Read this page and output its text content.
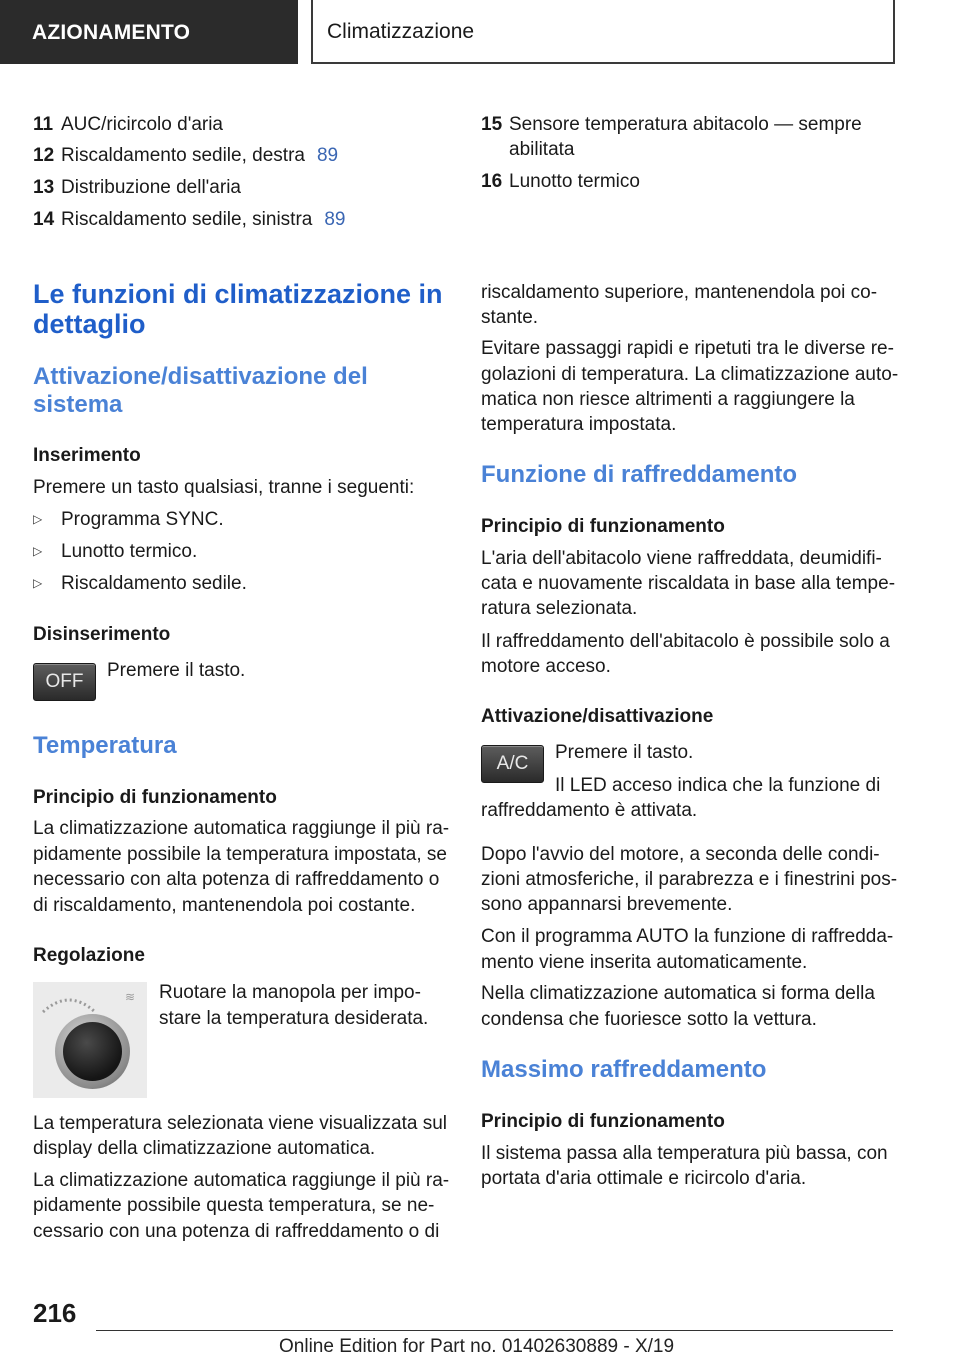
AZIONAMENTO	Climatizzazione
11 AUC/ricircolo d'aria
12 Riscaldamento sedile, destra 89
13 Distribuzione dell'aria
14 Riscaldamento sedile, sinistra 89
15 Sensore temperatura abitacolo — sempre
abilitata
16 Lunotto termico
Le funzioni di climatizzazione in
dettaglio
Attivazione/disattivazione del
sistema
Inserimento
Premere un tasto qualsiasi, tranne i seguenti:
▷ Programma SYNC.
▷ Lunotto termico.
▷ Riscaldamento sedile.
Disinserimento
OFF
Premere il tasto.
Temperatura
Principio di funzionamento
La climatizzazione automatica raggiunge il più ra-
pidamente possibile la temperatura impostata, se
necessario con alta potenza di raffreddamento o
di riscaldamento, mantenendola poi costante.
Regolazione
≋ Ruotare la manopola per impo-
stare la temperatura desiderata.
La temperatura selezionata viene visualizzata sul
display della climatizzazione automatica.
La climatizzazione automatica raggiunge il più ra-
pidamente possibile questa temperatura, se ne-
cessario con una potenza di raffreddamento o di
riscaldamento superiore, mantenendola poi co-
stante.
Evitare passaggi rapidi e ripetuti tra le diverse re-
golazioni di temperatura. La climatizzazione auto-
matica non riesce altrimenti a raggiungere la
temperatura impostata.
Funzione di raffreddamento
Principio di funzionamento
L'aria dell'abitacolo viene raffreddata, deumidifi-
cata e nuovamente riscaldata in base alla tempe-
ratura selezionata.
Il raffreddamento dell'abitacolo è possibile solo a
motore acceso.
Attivazione/disattivazione
A/C
Premere il tasto.
Il LED acceso indica che la funzione di
raffreddamento è attivata.
Dopo l'avvio del motore, a seconda delle condi-
zioni atmosferiche, il parabrezza e i finestrini pos-
sono appannarsi brevemente.
Con il programma AUTO la funzione di raffredda-
mento viene inserita automaticamente.
Nella climatizzazione automatica si forma della
condensa che fuoriesce sotto la vettura.
Massimo raffreddamento
Principio di funzionamento
Il sistema passa alla temperatura più bassa, con
portata d'aria ottimale e ricircolo d'aria.
216
Online Edition for Part no. 01402630889 - X/19
